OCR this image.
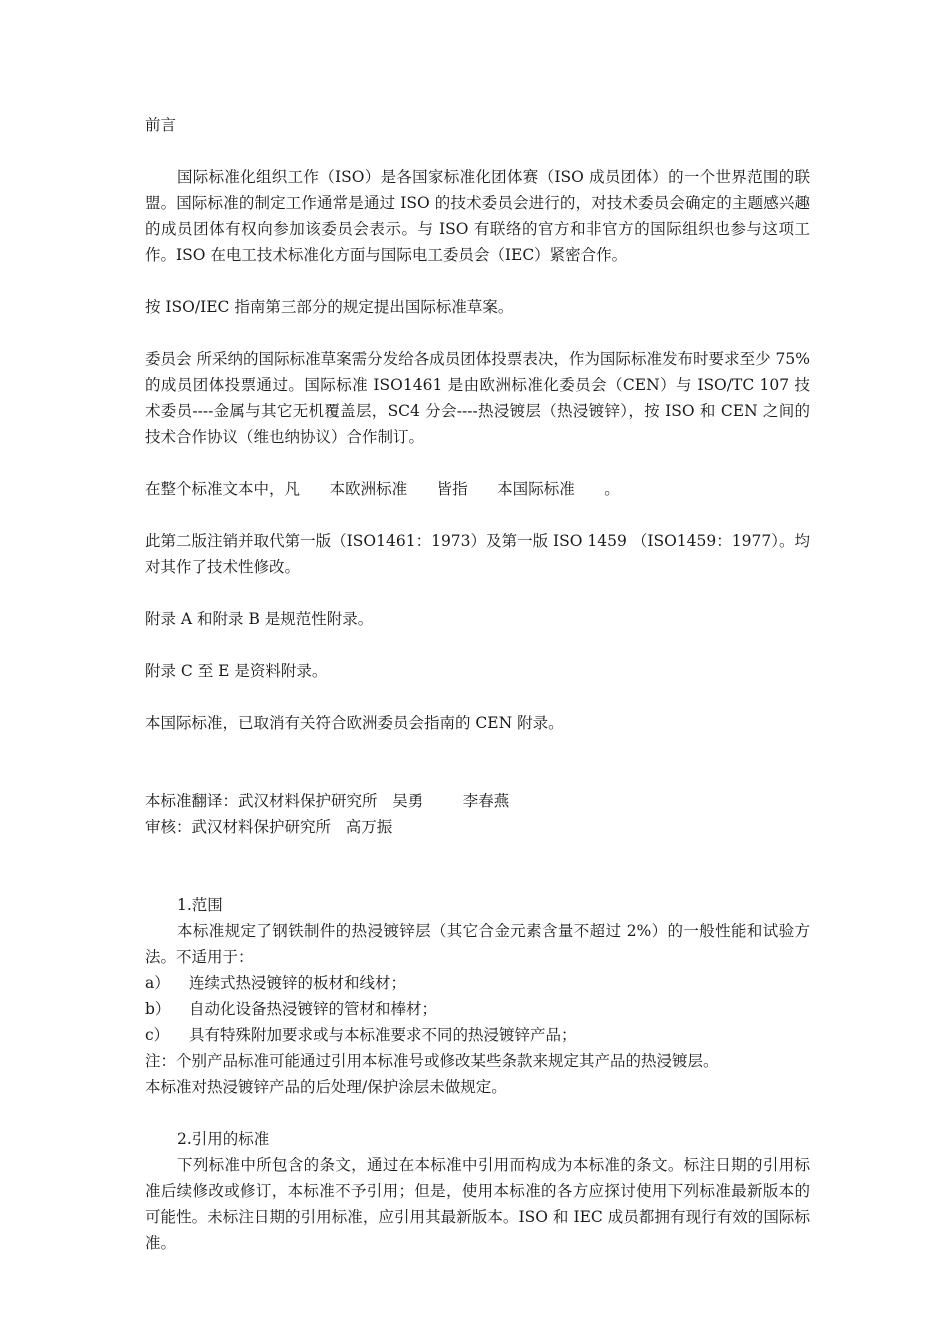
前言

国际标准化组织工作（ISO）是各国家标准化团体赛（ISO 成员团体）的一个世界范围的联盟。国际标准的制定工作通常是通过 ISO 的技术委员会进行的，对技术委员会确定的主题感兴趣的成员团体有权向参加该委员会表示。与 ISO 有联络的官方和非官方的国际组织也参与这项工作。ISO 在电工技术标准化方面与国际电工委员会（IEC）紧密合作。

按 ISO/IEC 指南第三部分的规定提出国际标准草案。

委员会 所采纳的国际标准草案需分发给各成员团体投票表决，作为国际标准发布时要求至少 75%的成员团体投票通过。国际标准 ISO1461 是由欧洲标准化委员会（CEN）与 ISO/TC 107 技术委员----金属与其它无机覆盖层，SC4 分会----热浸镀层（热浸镀锌），按 ISO 和 CEN 之间的技术合作协议（维也纳协议）合作制订。

在整个标准文本中，凡      本欧洲标准      皆指      本国际标准      。

此第二版注销并取代第一版（ISO1461：1973）及第一版 ISO 1459 （ISO1459：1977）。均对其作了技术性修改。

附录 A 和附录 B 是规范性附录。

附录 C 至 E 是资料附录。

本国际标准，已取消有关符合欧洲委员会指南的 CEN 附录。

本标准翻译：武汉材料保护研究所   吴勇        李春燕

审核：武汉材料保护研究所   高万振

1.范围

本标准规定了钢铁制件的热浸镀锌层（其它合金元素含量不超过 2%）的一般性能和试验方法。不适用于：

a）	连续式热浸镀锌的板材和线材；
b）	自动化设备热浸镀锌的管材和棒材；
c）	具有特殊附加要求或与本标准要求不同的热浸镀锌产品；

注：个别产品标准可能通过引用本标准号或修改某些条款来规定其产品的热浸镀层。

本标准对热浸镀锌产品的后处理/保护涂层未做规定。

2.引用的标准

下列标准中所包含的条文，通过在本标准中引用而构成为本标准的条文。标注日期的引用标准后续修改或修订，本标准不予引用；但是，使用本标准的各方应探讨使用下列标准最新版本的可能性。未标注日期的引用标准，应引用其最新版本。ISO 和 IEC 成员都拥有现行有效的国际标准。
